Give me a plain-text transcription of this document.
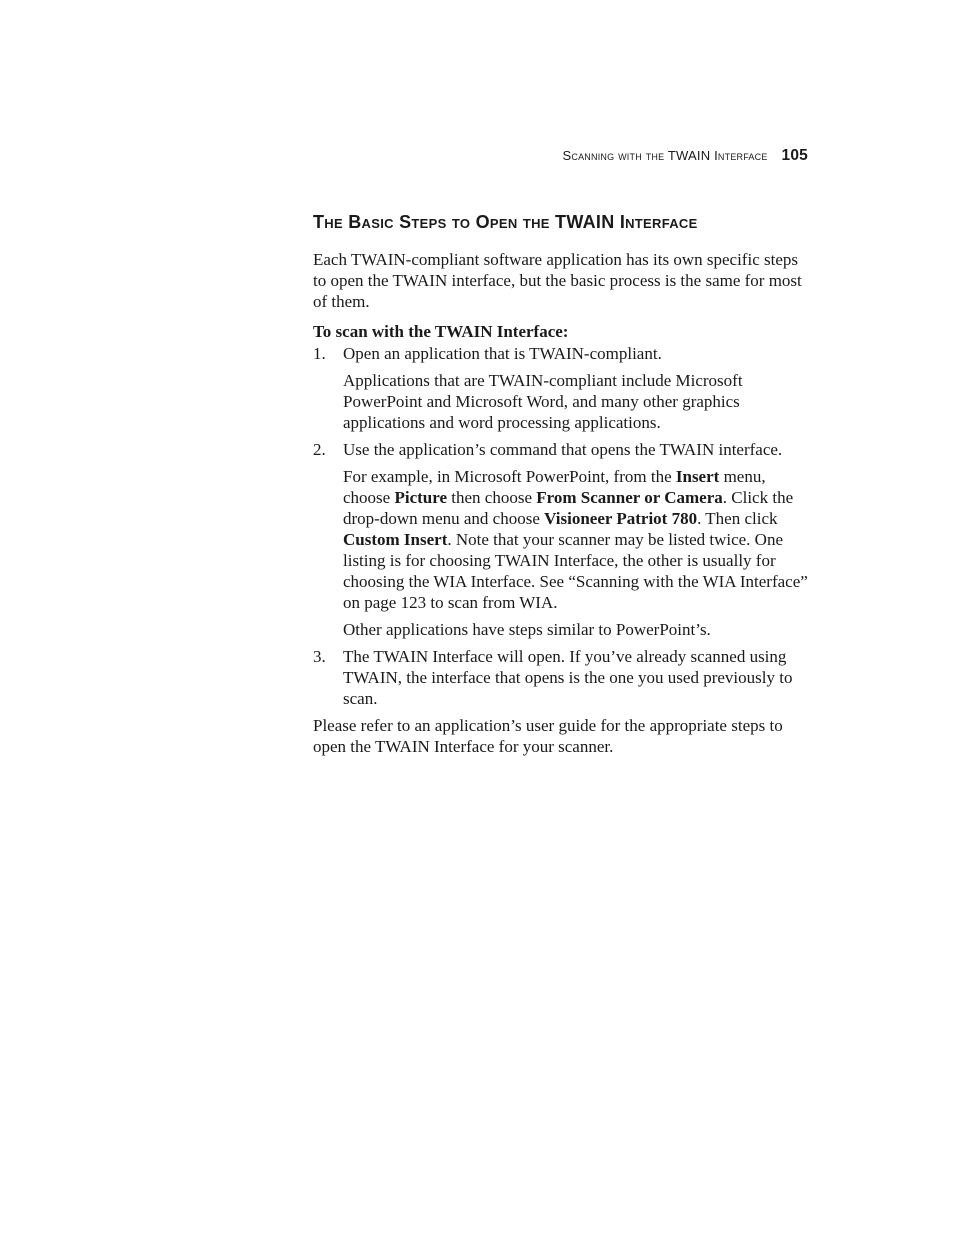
Scanning with the TWAIN Interface 105
The Basic Steps to Open the TWAIN Interface

Each TWAIN-compliant software application has its own specific steps to open the TWAIN interface, but the basic process is the same for most of them.

To scan with the TWAIN Interface:

1. Open an application that is TWAIN-compliant.

Applications that are TWAIN-compliant include Microsoft PowerPoint and Microsoft Word, and many other graphics applications and word processing applications.

2. Use the application’s command that opens the TWAIN interface.

For example, in Microsoft PowerPoint, from the Insert menu, choose Picture then choose From Scanner or Camera. Click the drop-down menu and choose Visioneer Patriot 780. Then click Custom Insert. Note that your scanner may be listed twice. One listing is for choosing TWAIN Interface, the other is usually for choosing the WIA Interface. See “Scanning with the WIA Interface” on page 123 to scan from WIA.

Other applications have steps similar to PowerPoint’s.

3. The TWAIN Interface will open. If you’ve already scanned using TWAIN, the interface that opens is the one you used previously to scan.

Please refer to an application’s user guide for the appropriate steps to open the TWAIN Interface for your scanner.
